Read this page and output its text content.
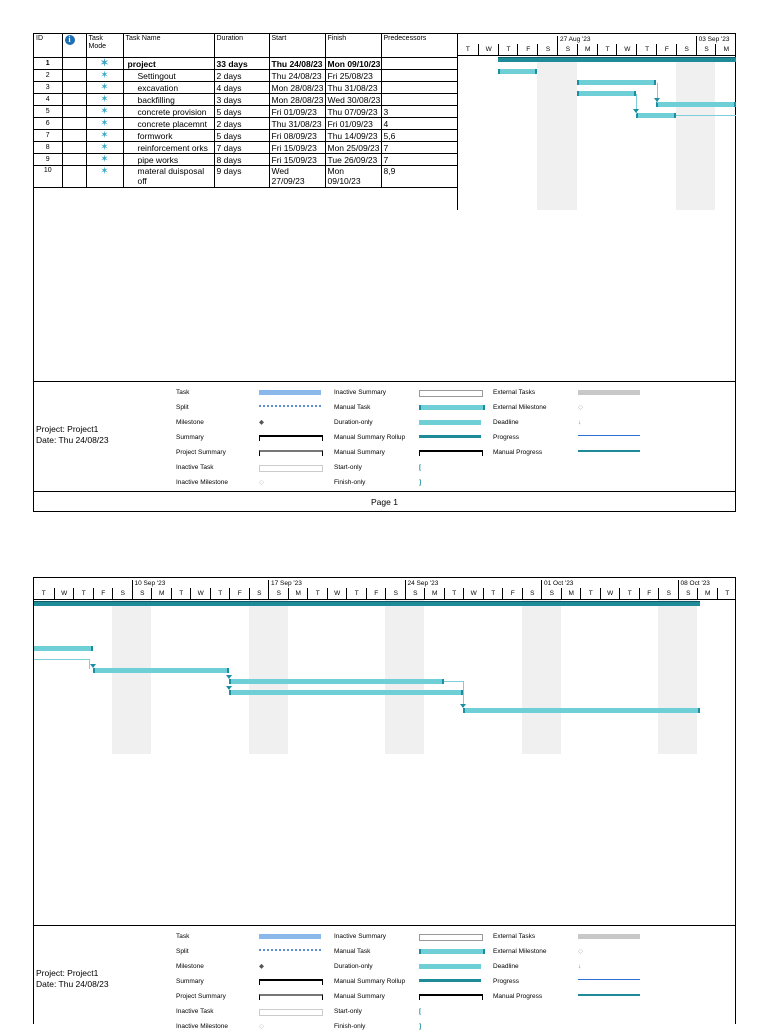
ID	i	Task Mode	Task Name	Duration	Start	Finish	Predecessors
1		✶	project	33 days	Thu 24/08/23	Mon 09/10/23	
2		✶	Settingout	2 days	Thu 24/08/23	Fri 25/08/23	
3		✶	excavation	4 days	Mon 28/08/23	Thu 31/08/23	
4		✶	backfilling	3 days	Mon 28/08/23	Wed 30/08/23	
5		✶	concrete provision	5 days	Fri 01/09/23	Thu 07/09/23	3
6		✶	concrete placemnt	2 days	Thu 31/08/23	Fri 01/09/23	4
7		✶	formwork	5 days	Fri 08/09/23	Thu 14/09/23	5,6
8		✶	reinforcement orks	7 days	Fri 15/09/23	Mon 25/09/23	7
9		✶	pipe works	8 days	Fri 15/09/23	Tue 26/09/23	7
10		✶	materal duisposal off	9 days	Wed 27/09/23	Mon 09/10/23	8,9
27 Aug '23	03 Sep '23
T	W	T	F	S	S	M	T	W	T	F	S	S	M
Project: Project1
Date: Thu 24/08/23
Task
Split
Milestone	◆
Summary
Project Summary
Inactive Task
Inactive Milestone	◇
Inactive Summary
Manual Task
Duration-only
Manual Summary Rollup
Manual Summary
Start-only	[
Finish-only	]
External Tasks
External Milestone	◇
Deadline	↓
Progress
Manual Progress
Page 1
10 Sep '23	17 Sep '23	24 Sep '23	01 Oct '23	08 Oct '23
T	W	T	F	S	S	M	T	W	T	F	S	S	M	T	W	T	F	S	S	M	T	W	T	F	S	S	M	T	W	T	F	S	S	M	T
Project: Project1
Date: Thu 24/08/23
Task
Split
Milestone	◆
Summary
Project Summary
Inactive Task
Inactive Milestone	◇
Inactive Summary
Manual Task
Duration-only
Manual Summary Rollup
Manual Summary
Start-only	[
Finish-only	]
External Tasks
External Milestone	◇
Deadline	↓
Progress
Manual Progress
